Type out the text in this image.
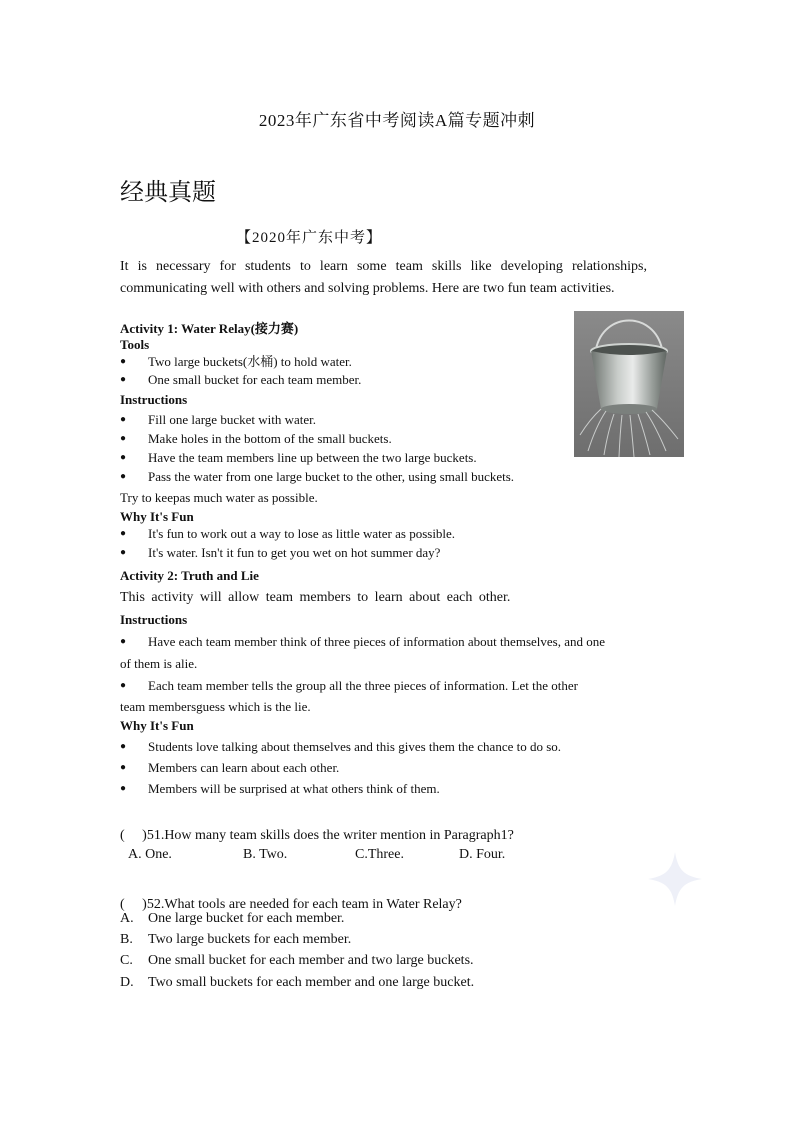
2023年广东省中考阅读A篇专题冲刺
经典真题
【2020年广东中考】
It is necessary for students to learn some team skills like developing relationships, communicating well with others and solving problems. Here are two fun team activities.
Activity 1: Water Relay(接力赛)
Tools
● Two large buckets(水桶) to hold water.
● One small bucket for each team member.
Instructions
● Fill one large bucket with water.
● Make holes in the bottom of the small buckets.
● Have the team members line up between the two large buckets.
● Pass the water from one large bucket to the other, using small buckets.
Try to keepas much water as possible.
Why It's Fun
● It's fun to work out a way to lose as little water as possible.
● It's water. Isn't it fun to get you wet on hot summer day?
Activity 2: Truth and Lie
This activity will allow team members to learn about each other.
Instructions
● Have each team member think of three pieces of information about themselves, and one
of them is alie.
● Each team member tells the group all the three pieces of information. Let the other
team membersguess which is the lie.
Why It's Fun
● Students love talking about themselves and this gives them the chance to do so.
● Members can learn about each other.
● Members will be surprised at what others think of them.
(　 )51.How many team skills does the writer mention in Paragraph1?
A. One.	B. Two.	C.Three.	D. Four.
(　 )52.What tools are needed for each team in Water Relay?
A. One large bucket for each member.
B. Two large buckets for each member.
C. One small bucket for each member and two large buckets.
D. Two small buckets for each member and one large bucket.
